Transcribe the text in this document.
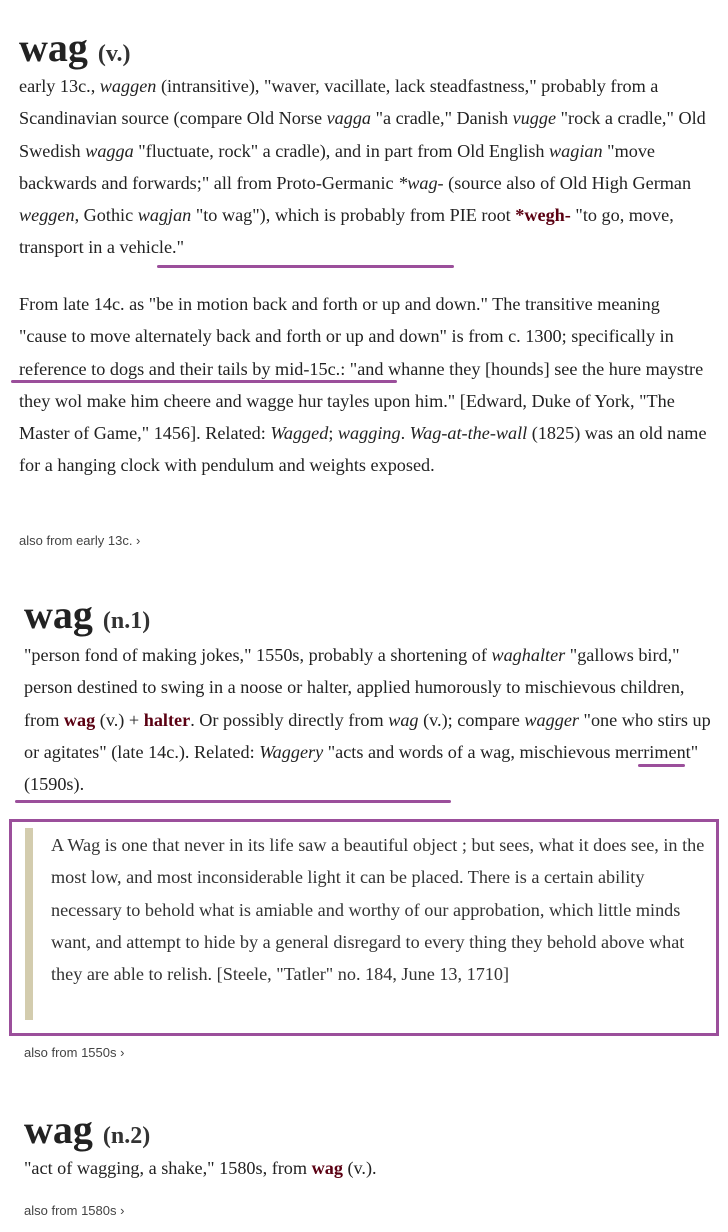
wag (v.)

early 13c., waggen (intransitive), "waver, vacillate, lack steadfastness," probably from a Scandinavian source (compare Old Norse vagga "a cradle," Danish vugge "rock a cradle," Old Swedish wagga "fluctuate, rock" a cradle), and in part from Old English wagian "move backwards and forwards;" all from Proto-Germanic *wag- (source also of Old High German weggen, Gothic wagjan "to wag"), which is probably from PIE root *wegh- "to go, move, transport in a vehicle."

From late 14c. as "be in motion back and forth or up and down." The transitive meaning "cause to move alternately back and forth or up and down" is from c. 1300; specifically in reference to dogs and their tails by mid-15c.: "and whanne they [hounds] see the hure maystre they wol make him cheere and wagge hur tayles upon him." [Edward, Duke of York, "The Master of Game," 1456]. Related: Wagged; wagging. Wag-at-the-wall (1825) was an old name for a hanging clock with pendulum and weights exposed.

also from early 13c. ›
wag (n.1)

"person fond of making jokes," 1550s, probably a shortening of waghalter "gallows bird," person destined to swing in a noose or halter, applied humorously to mischievous children, from wag (v.) + halter. Or possibly directly from wag (v.); compare wagger "one who stirs up or agitates" (late 14c.). Related: Waggery "acts and words of a wag, mischievous merriment" (1590s).

A Wag is one that never in its life saw a beautiful object ; but sees, what it does see, in the most low, and most inconsiderable light it can be placed. There is a certain ability necessary to behold what is amiable and worthy of our approbation, which little minds want, and attempt to hide by a general disregard to every thing they behold above what they are able to relish. [Steele, "Tatler" no. 184, June 13, 1710]
also from 1550s ›
wag (n.2)

"act of wagging, a shake," 1580s, from wag (v.).

also from 1580s ›
